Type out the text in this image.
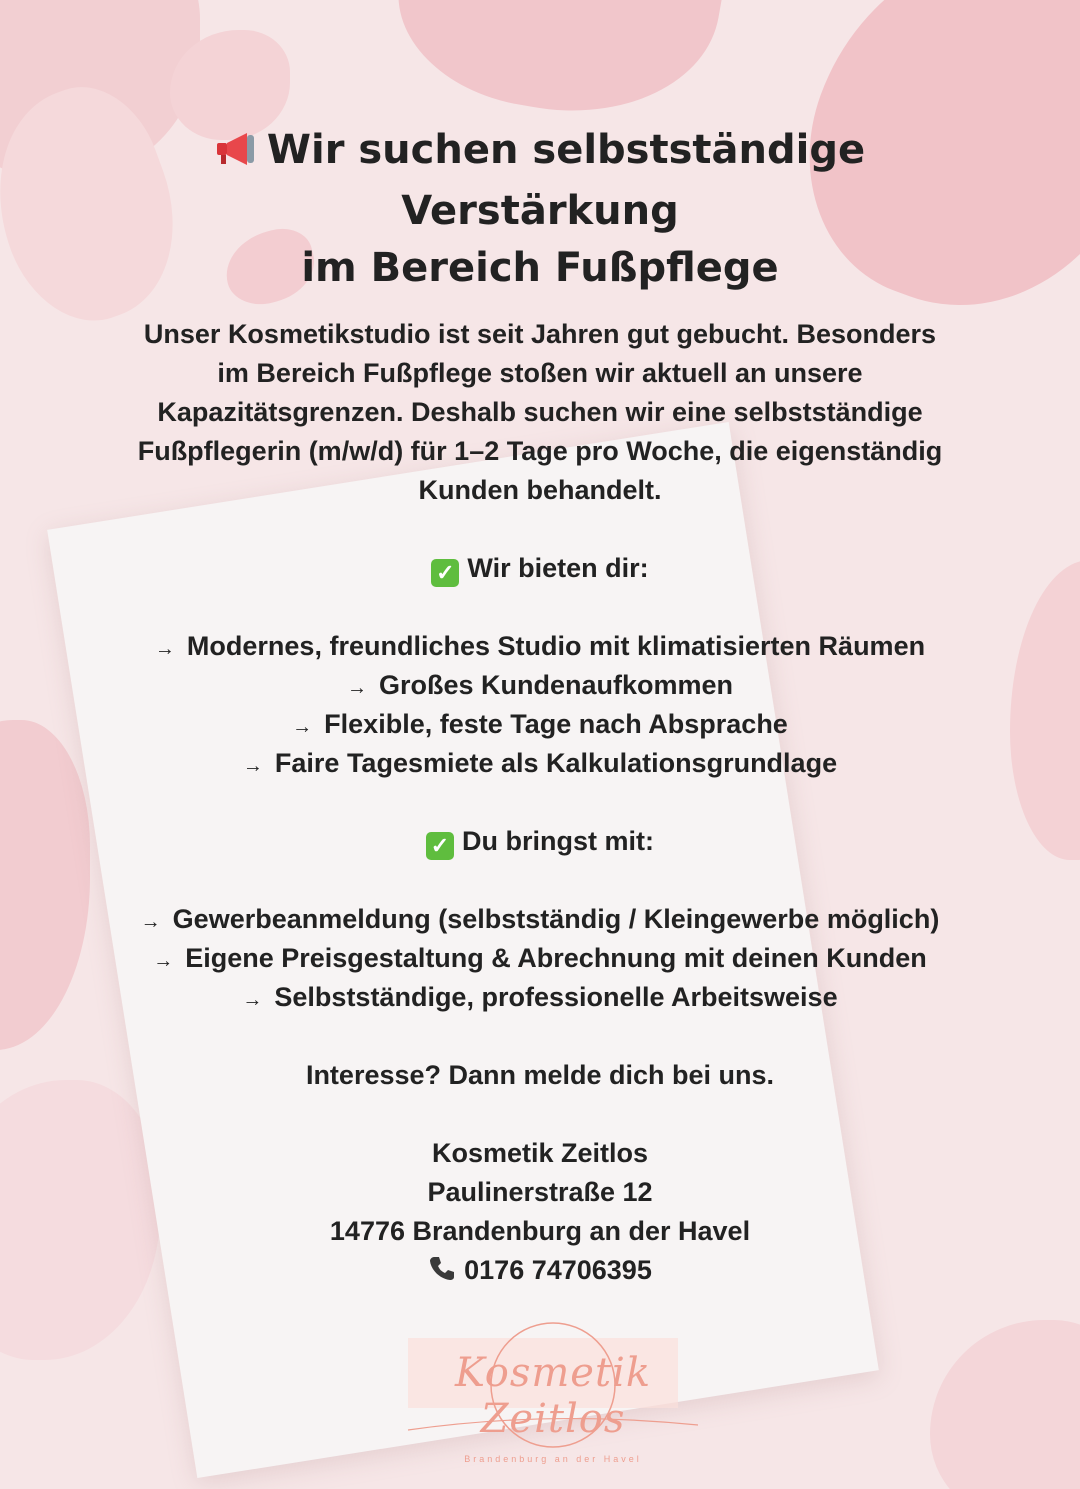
Wir suchen selbstständige Verstärkung
im Bereich Fußpflege
Unser Kosmetikstudio ist seit Jahren gut gebucht. Besonders
im Bereich Fußpflege stoßen wir aktuell an unsere
Kapazitätsgrenzen. Deshalb suchen wir eine selbstständige
Fußpflegerin (m/w/d) für 1–2 Tage pro Woche, die eigenständig
Kunden behandelt.
✓ Wir bieten dir:
→ Modernes, freundliches Studio mit klimatisierten Räumen
→ Großes Kundenaufkommen
→ Flexible, feste Tage nach Absprache
→ Faire Tagesmiete als Kalkulationsgrundlage
✓ Du bringst mit:
→ Gewerbeanmeldung (selbstständig / Kleingewerbe möglich)
→ Eigene Preisgestaltung & Abrechnung mit deinen Kunden
→ Selbstständige, professionelle Arbeitsweise
Interesse? Dann melde dich bei uns.
Kosmetik Zeitlos
Paulinerstraße 12
14776 Brandenburg an der Havel
0176 74706395
Kosmetik Zeitlos
Brandenburg an der Havel
